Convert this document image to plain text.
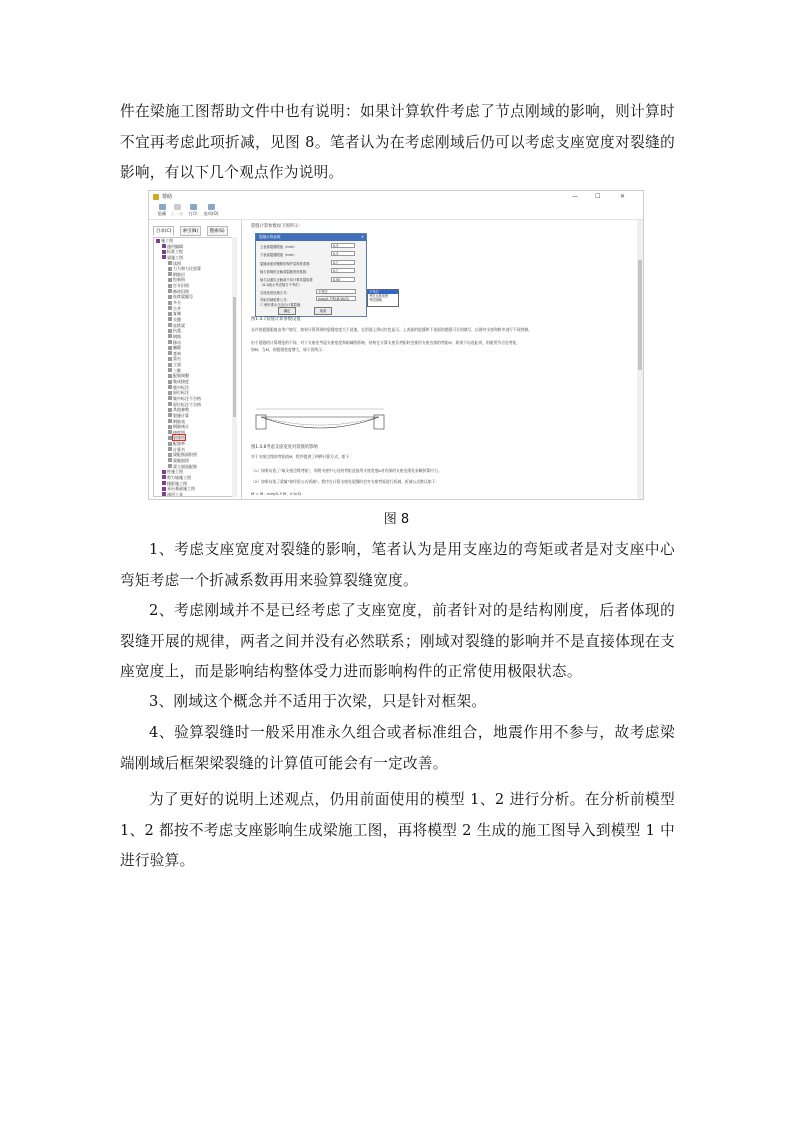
件在梁施工图帮助文件中也有说明：如果计算软件考虑了节点刚域的影响，则计算时不宜再考虑此项折减，见图 8。笔者认为在考虑刚域后仍可以考虑支座宽度对裂缝的影响，有以下几个观点作为说明。
帮助	—	☐	✕
隐藏	上一步	打印	选项(O)
目录(C)	索引(N)	搜索(S)
施工图
通用编辑
标准工程
梁施工图
读图
力力和力比验算
钢筋层
绘新图
打开旧图
修改旧图
连续梁编号
多分
合并
复制
关键
连续梁
抗震
钢筋
移动
删除
查询
重名
立面
三维
配筋调整
集成挠度
集中标注
原位标注
集中标注不合格
原位标注不合格
其他参数
裂缝计算
钢筋表
钢筋统计
挠度图
裂缝图
配筋率
计算书
梁配筋面积图
梁截面图
梁立面选配筋
柱施工图
剪力墙施工图
楼板施工图
承台基础施工图
通用工具
裂缝计算参数如下图所示：
裂缝计算参数	✕
上表面裂缝限值（mm）：	0.3
下表面裂缝限值（mm）：	0.3
裂缝表面到钢筋的保护层厚度系数：	0.7
轴力影响的正截面裂缝宽度系数：	0.7
轴力双面拉正截面不同计算抗裂验算	0.50
（0-0表示考虑轴力不考虑）
支座宽度处理方式：	不考虑
弯矩折减验算公式：	max(0.7*M,M-Vb/3)
☐ 使用准永久组合计算裂缝
确定	取消
不考虑
考虑支座宽度
考虑刚域
图1.4.7裂缝计算参数设置
允许的裂缝限值由用户填写，如果计算得到的裂缝宽度大于此值，在图面上将以红色显示。上表面的裂缝和下表面的裂缝可分别填写，以便对支座和跨中进行不同控制。
由于裂缝的计算理论的不同，对于支座处考虑支座宽度和刚域的影响，结构在计算支座负弯矩时会使用支座边缘的弯矩M，如果不勾选此项，则使用节点处弯矩，
如M，当M，则裂缝宽度增大，如下图所示：
图1.4.8考虑支座宽度对裂缝的影响
对于支座边缘的弯矩值M，程序提供了两种计算方式，如下：
（1）如果勾选了"取支座边缘弯矩"，即将支座中心处的弯矩直接用支座宽度b对内部的支座边缘处求解折算内力。
（2）如果勾选了梁截"按经验公式折减"，程序在计算支座处裂缝时会对支座弯矩进行折减，折减公式默认如下：
M = M - min(0.3·M , V·b/3)
图 8
1、考虑支座宽度对裂缝的影响，笔者认为是用支座边的弯矩或者是对支座中心弯矩考虑一个折减系数再用来验算裂缝宽度。
2、考虑刚域并不是已经考虑了支座宽度，前者针对的是结构刚度，后者体现的裂缝开展的规律，两者之间并没有必然联系；刚域对裂缝的影响并不是直接体现在支座宽度上，而是影响结构整体受力进而影响构件的正常使用极限状态。
3、刚域这个概念并不适用于次梁，只是针对框架。
4、验算裂缝时一般采用准永久组合或者标准组合，地震作用不参与，故考虑梁端刚域后框架梁裂缝的计算值可能会有一定改善。
为了更好的说明上述观点，仍用前面使用的模型 1、2 进行分析。在分析前模型 1、2 都按不考虑支座影响生成梁施工图，再将模型 2 生成的施工图导入到模型 1 中进行验算。
